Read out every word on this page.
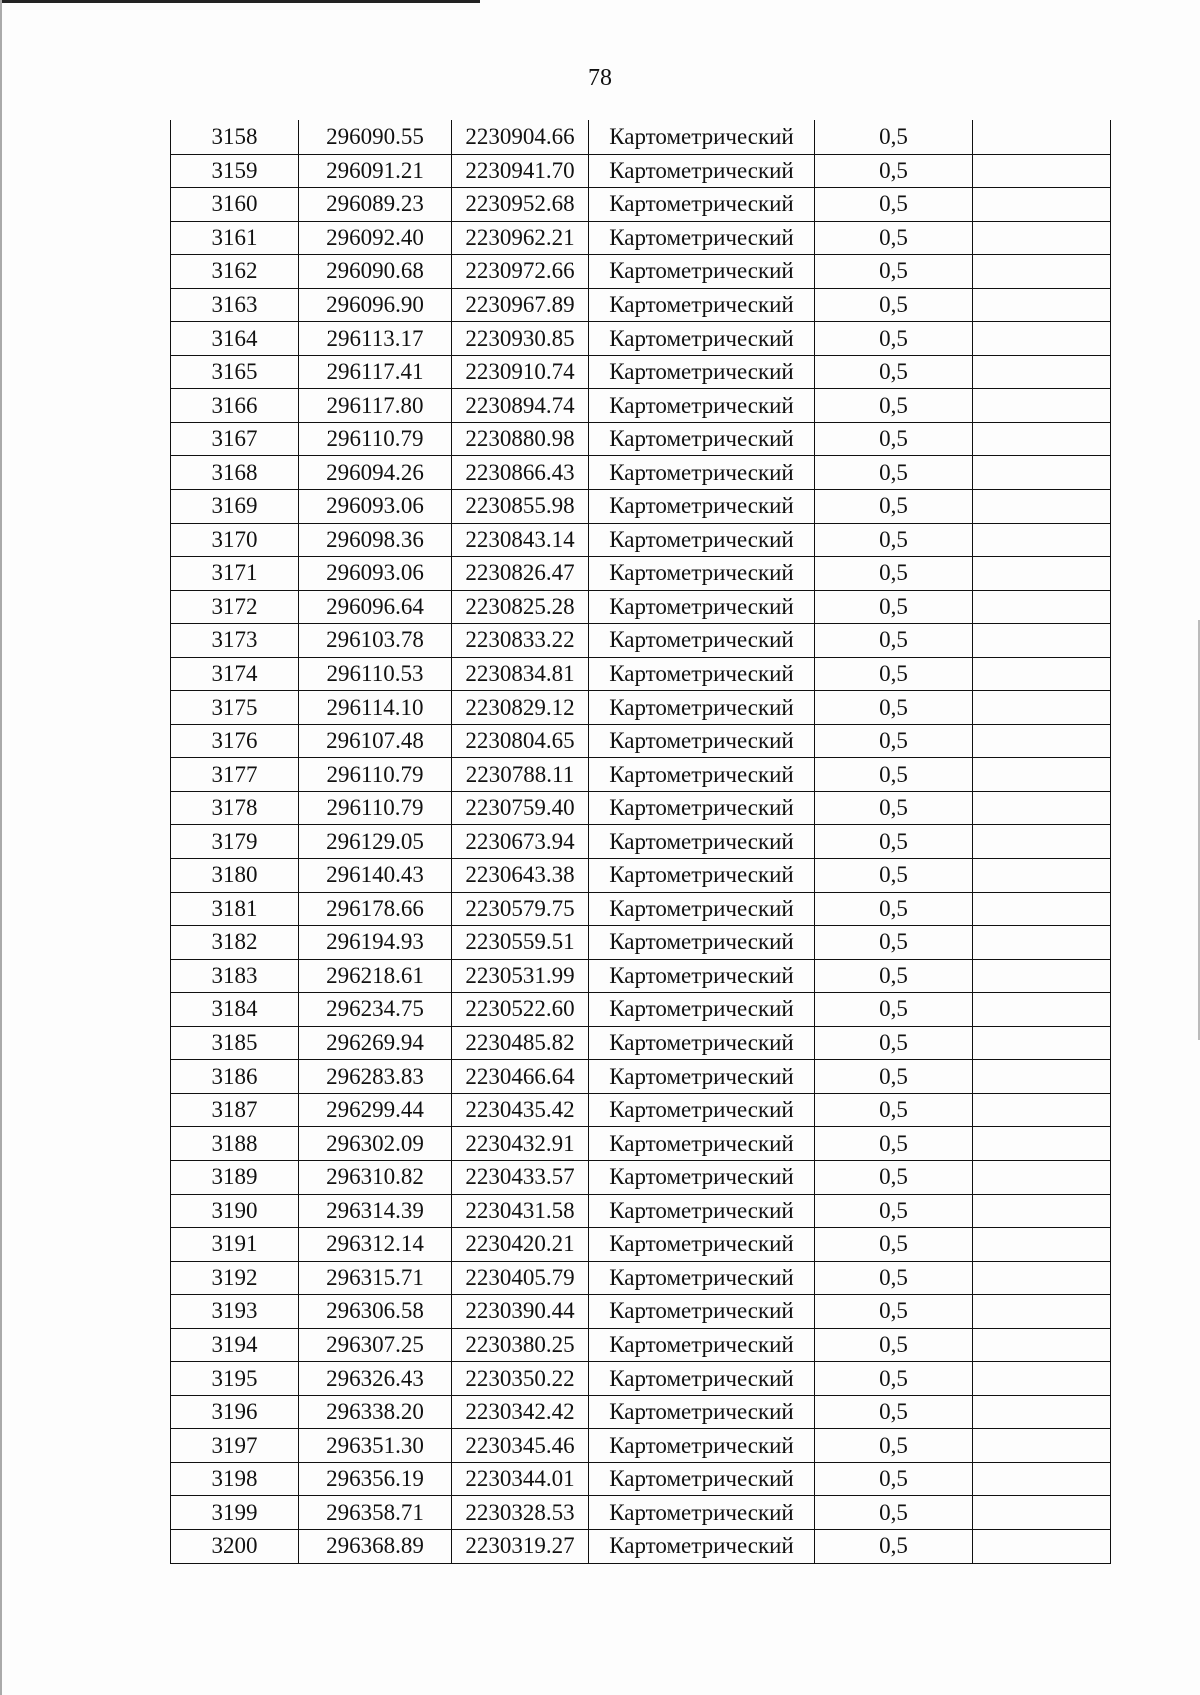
78
3158	296090.55	2230904.66	Картометрический	0,5	
3159	296091.21	2230941.70	Картометрический	0,5	
3160	296089.23	2230952.68	Картометрический	0,5	
3161	296092.40	2230962.21	Картометрический	0,5	
3162	296090.68	2230972.66	Картометрический	0,5	
3163	296096.90	2230967.89	Картометрический	0,5	
3164	296113.17	2230930.85	Картометрический	0,5	
3165	296117.41	2230910.74	Картометрический	0,5	
3166	296117.80	2230894.74	Картометрический	0,5	
3167	296110.79	2230880.98	Картометрический	0,5	
3168	296094.26	2230866.43	Картометрический	0,5	
3169	296093.06	2230855.98	Картометрический	0,5	
3170	296098.36	2230843.14	Картометрический	0,5	
3171	296093.06	2230826.47	Картометрический	0,5	
3172	296096.64	2230825.28	Картометрический	0,5	
3173	296103.78	2230833.22	Картометрический	0,5	
3174	296110.53	2230834.81	Картометрический	0,5	
3175	296114.10	2230829.12	Картометрический	0,5	
3176	296107.48	2230804.65	Картометрический	0,5	
3177	296110.79	2230788.11	Картометрический	0,5	
3178	296110.79	2230759.40	Картометрический	0,5	
3179	296129.05	2230673.94	Картометрический	0,5	
3180	296140.43	2230643.38	Картометрический	0,5	
3181	296178.66	2230579.75	Картометрический	0,5	
3182	296194.93	2230559.51	Картометрический	0,5	
3183	296218.61	2230531.99	Картометрический	0,5	
3184	296234.75	2230522.60	Картометрический	0,5	
3185	296269.94	2230485.82	Картометрический	0,5	
3186	296283.83	2230466.64	Картометрический	0,5	
3187	296299.44	2230435.42	Картометрический	0,5	
3188	296302.09	2230432.91	Картометрический	0,5	
3189	296310.82	2230433.57	Картометрический	0,5	
3190	296314.39	2230431.58	Картометрический	0,5	
3191	296312.14	2230420.21	Картометрический	0,5	
3192	296315.71	2230405.79	Картометрический	0,5	
3193	296306.58	2230390.44	Картометрический	0,5	
3194	296307.25	2230380.25	Картометрический	0,5	
3195	296326.43	2230350.22	Картометрический	0,5	
3196	296338.20	2230342.42	Картометрический	0,5	
3197	296351.30	2230345.46	Картометрический	0,5	
3198	296356.19	2230344.01	Картометрический	0,5	
3199	296358.71	2230328.53	Картометрический	0,5	
3200	296368.89	2230319.27	Картометрический	0,5	
